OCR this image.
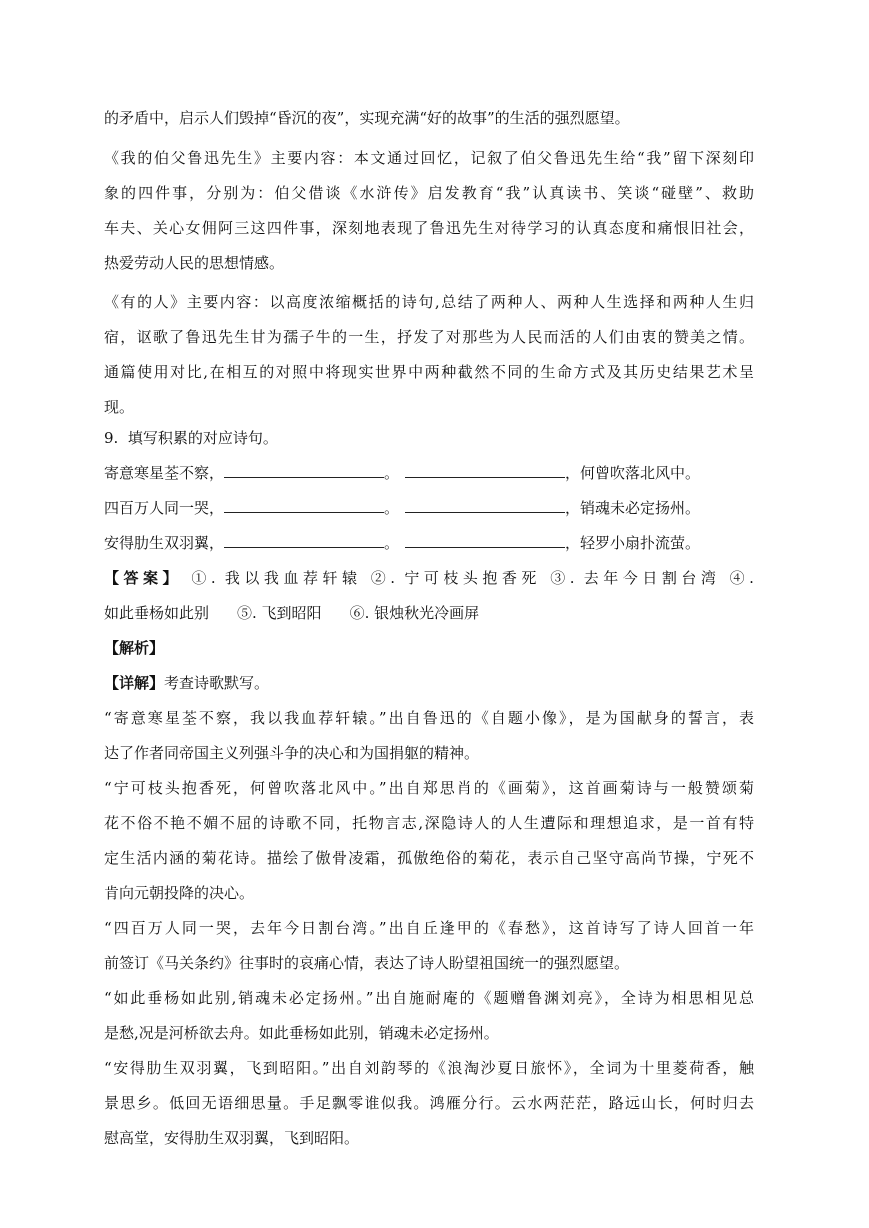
的矛盾中，启示人们毁掉“昏沉的夜”，实现充满“好的故事”的生活的强烈愿望。
《我的伯父鲁迅先生》主要内容：本文通过回忆，记叙了伯父鲁迅先生给“我”留下深刻印
象的四件事，分别为：伯父借谈《水浒传》启发教育“我”认真读书、笑谈“碰壁”、救助
车夫、关心女佣阿三这四件事，深刻地表现了鲁迅先生对待学习的认真态度和痛恨旧社会，
热爱劳动人民的思想情感。
《有的人》主要内容：以高度浓缩概括的诗句,总结了两种人、两种人生选择和两种人生归
宿，讴歌了鲁迅先生甘为孺子牛的一生，抒发了对那些为人民而活的人们由衷的赞美之情。
通篇使用对比,在相互的对照中将现实世界中两种截然不同的生命方式及其历史结果艺术呈
现。
9. 填写积累的对应诗句。
寄意寒星荃不察，	。	，何曾吹落北风中。
四百万人同一哭，	。	，销魂未必定扬州。
安得肋生双羽翼，	。	，轻罗小扇扑流萤。
【答案】 ①. 我以我血荐轩辕 ②. 宁可枝头抱香死 ③. 去年今日割台湾 ④.
如此垂杨如此别 ⑤. 飞到昭阳 ⑥. 银烛秋光冷画屏
【解析】
【详解】考查诗歌默写。
“寄意寒星荃不察，我以我血荐轩辕。”出自鲁迅的《自题小像》，是为国献身的誓言，表
达了作者同帝国主义列强斗争的决心和为国捐躯的精神。
“宁可枝头抱香死，何曾吹落北风中。”出自郑思肖的《画菊》，这首画菊诗与一般赞颂菊
花不俗不艳不媚不屈的诗歌不同，托物言志,深隐诗人的人生遭际和理想追求，是一首有特
定生活内涵的菊花诗。描绘了傲骨凌霜，孤傲绝俗的菊花，表示自己坚守高尚节操，宁死不
肯向元朝投降的决心。
“四百万人同一哭，去年今日割台湾。”出自丘逢甲的《春愁》，这首诗写了诗人回首一年
前签订《马关条约》往事时的哀痛心情，表达了诗人盼望祖国统一的强烈愿望。
“如此垂杨如此别,销魂未必定扬州。”出自施耐庵的《题赠鲁渊刘亮》，全诗为相思相见总
是愁,况是河桥欲去舟。如此垂杨如此别，销魂未必定扬州。
“安得肋生双羽翼，飞到昭阳。”出自刘韵琴的《浪淘沙夏日旅怀》，全词为十里菱荷香，触
景思乡。低回无语细思量。手足飘零谁似我。鸿雁分行。云水两茫茫，路远山长，何时归去
慰高堂，安得肋生双羽翼，飞到昭阳。
